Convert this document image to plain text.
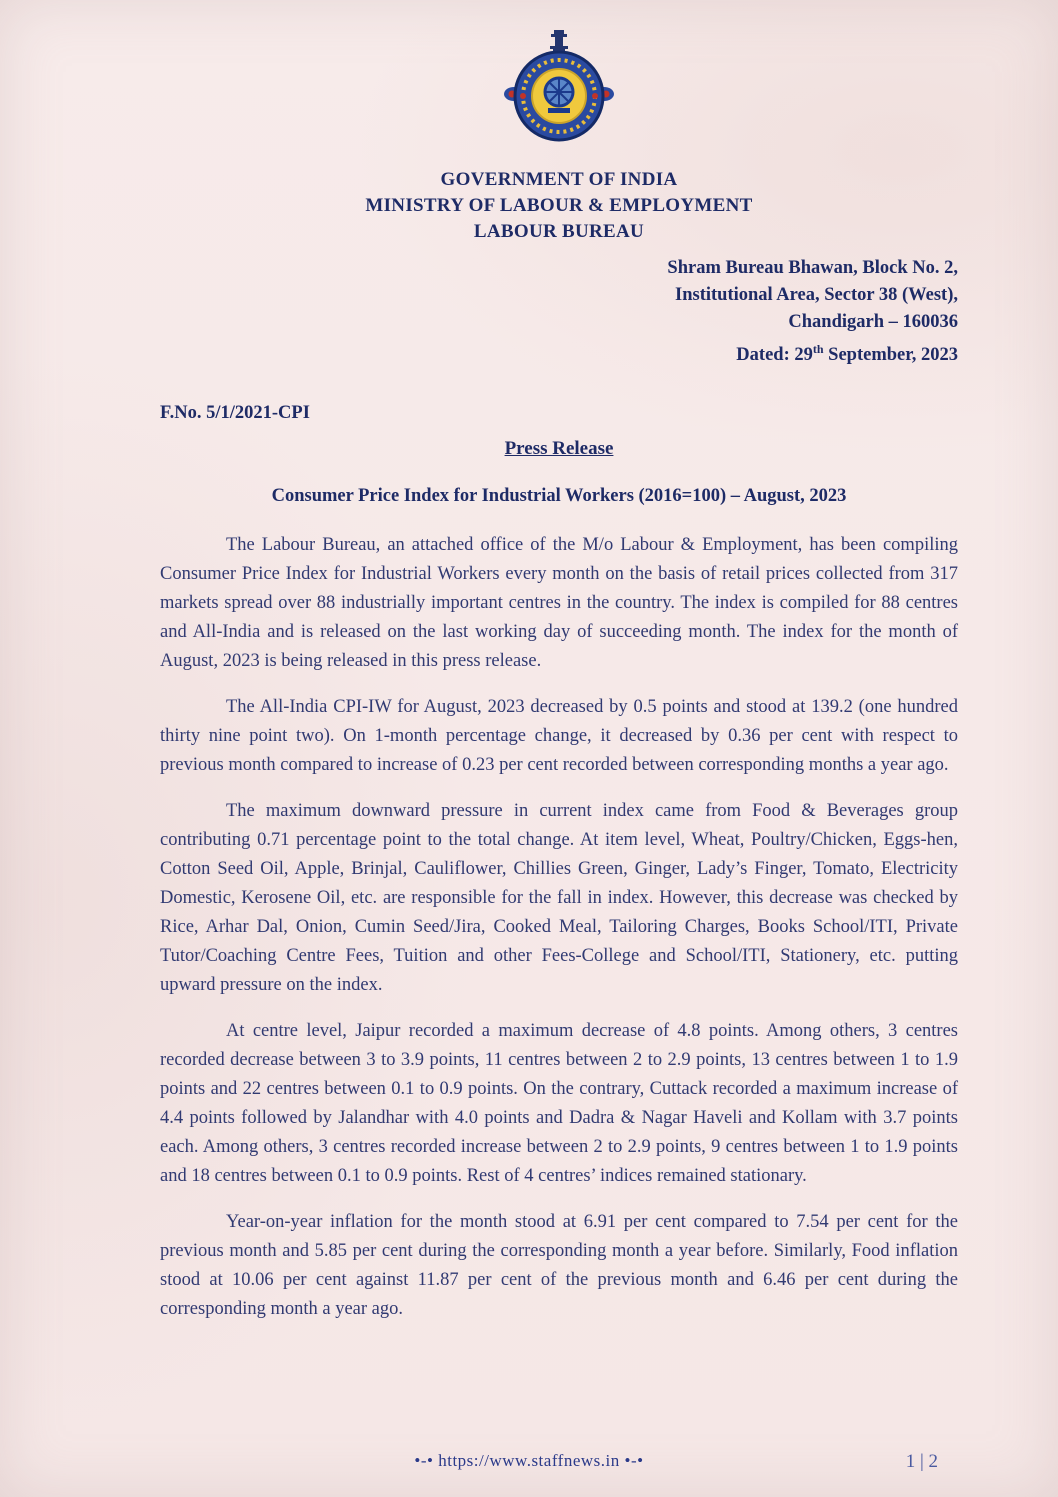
GOVERNMENT OF INDIA
MINISTRY OF LABOUR & EMPLOYMENT
LABOUR BUREAU
Shram Bureau Bhawan, Block No. 2,
Institutional Area, Sector 38 (West),
Chandigarh – 160036
Dated: 29th September, 2023
F.No. 5/1/2021-CPI
Press Release
Consumer Price Index for Industrial Workers (2016=100) – August, 2023

The Labour Bureau, an attached office of the M/o Labour & Employment, has been compiling Consumer Price Index for Industrial Workers every month on the basis of retail prices collected from 317 markets spread over 88 industrially important centres in the country. The index is compiled for 88 centres and All-India and is released on the last working day of succeeding month. The index for the month of August, 2023 is being released in this press release.

The All-India CPI-IW for August, 2023 decreased by 0.5 points and stood at 139.2 (one hundred thirty nine point two). On 1-month percentage change, it decreased by 0.36 per cent with respect to previous month compared to increase of 0.23 per cent recorded between corresponding months a year ago.

The maximum downward pressure in current index came from Food & Beverages group contributing 0.71 percentage point to the total change. At item level, Wheat, Poultry/Chicken, Eggs-hen, Cotton Seed Oil, Apple, Brinjal, Cauliflower, Chillies Green, Ginger, Lady’s Finger, Tomato, Electricity Domestic, Kerosene Oil, etc. are responsible for the fall in index. However, this decrease was checked by Rice, Arhar Dal, Onion, Cumin Seed/Jira, Cooked Meal, Tailoring Charges, Books School/ITI, Private Tutor/Coaching Centre Fees, Tuition and other Fees-College and School/ITI, Stationery, etc. putting upward pressure on the index.

At centre level, Jaipur recorded a maximum decrease of 4.8 points. Among others, 3 centres recorded decrease between 3 to 3.9 points, 11 centres between 2 to 2.9 points, 13 centres between 1 to 1.9 points and 22 centres between 0.1 to 0.9 points. On the contrary, Cuttack recorded a maximum increase of 4.4 points followed by Jalandhar with 4.0 points and Dadra & Nagar Haveli and Kollam with 3.7 points each. Among others, 3 centres recorded increase between 2 to 2.9 points, 9 centres between 1 to 1.9 points and 18 centres between 0.1 to 0.9 points. Rest of 4 centres’ indices remained stationary.

Year-on-year inflation for the month stood at 6.91 per cent compared to 7.54 per cent for the previous month and 5.85 per cent during the corresponding month a year before. Similarly, Food inflation stood at 10.06 per cent against 11.87 per cent of the previous month and 6.46 per cent during the corresponding month a year ago.

•-• https://www.staffnews.in •-•	1 | 2
